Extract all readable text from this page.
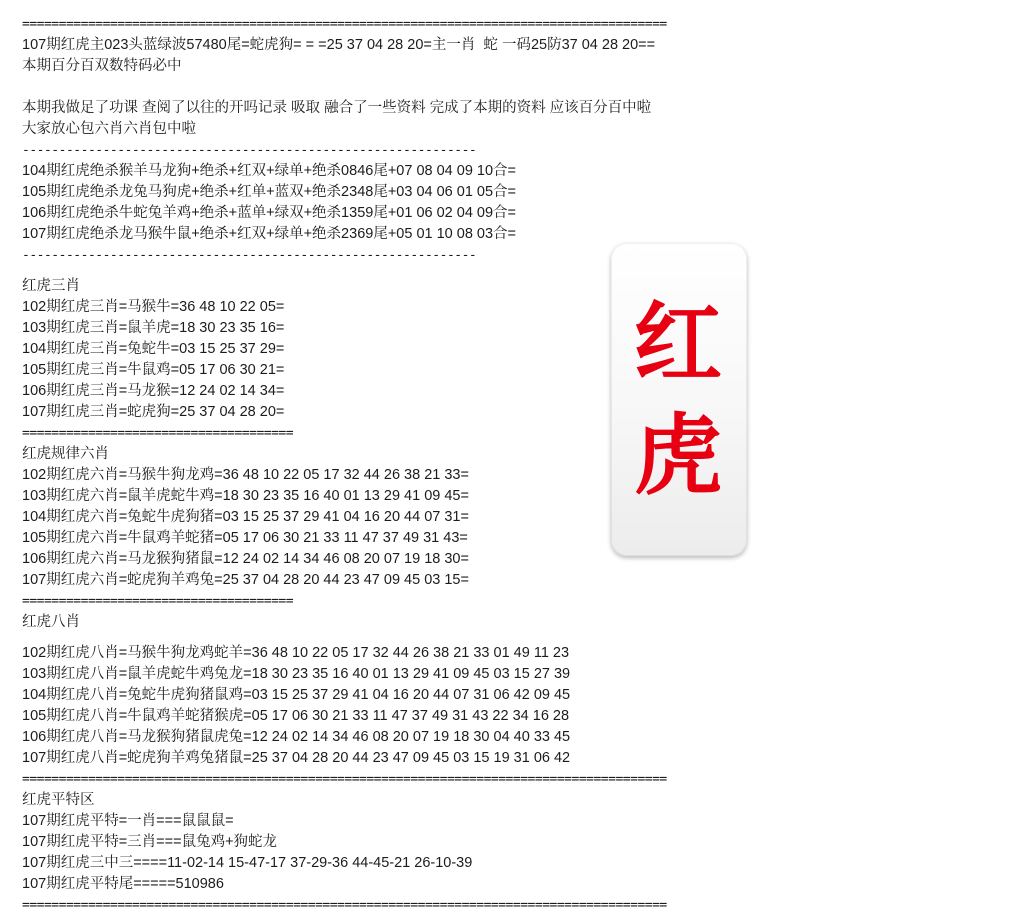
========================================================================================
107期红虎主023头蓝绿波57480尾=蛇虎狗= = =25 37 04 28 20=主一肖  蛇 一码25防37 04 28 20==
本期百分百双数特码必中
本期我做足了功课 查阅了以往的开吗记录 吸取 融合了一些资料 完成了本期的资料 应该百分百中啦
大家放心包六肖六肖包中啦
--------------------------------------------------------------
104期红虎绝杀猴羊马龙狗+绝杀+红双+绿单+绝杀0846尾+07 08 04 09 10合=
105期红虎绝杀龙兔马狗虎+绝杀+红单+蓝双+绝杀2348尾+03 04 06 01 05合=
106期红虎绝杀牛蛇兔羊鸡+绝杀+蓝单+绿双+绝杀1359尾+01 06 02 04 09合=
107期红虎绝杀龙马猴牛鼠+绝杀+红双+绿单+绝杀2369尾+05 01 10 08 03合=
--------------------------------------------------------------
红虎三肖
102期红虎三肖=马猴牛=36 48 10 22 05=
103期红虎三肖=鼠羊虎=18 30 23 35 16=
104期红虎三肖=兔蛇牛=03 15 25 37 29=
105期红虎三肖=牛鼠鸡=05 17 06 30 21=
106期红虎三肖=马龙猴=12 24 02 14 34=
107期红虎三肖=蛇虎狗=25 37 04 28 20=
=====================================
红虎规律六肖
102期红虎六肖=马猴牛狗龙鸡=36 48 10 22 05 17 32 44 26 38 21 33=
103期红虎六肖=鼠羊虎蛇牛鸡=18 30 23 35 16 40 01 13 29 41 09 45=
104期红虎六肖=兔蛇牛虎狗猪=03 15 25 37 29 41 04 16 20 44 07 31=
105期红虎六肖=牛鼠鸡羊蛇猪=05 17 06 30 21 33 11 47 37 49 31 43=
106期红虎六肖=马龙猴狗猪鼠=12 24 02 14 34 46 08 20 07 19 18 30=
107期红虎六肖=蛇虎狗羊鸡兔=25 37 04 28 20 44 23 47 09 45 03 15=
=====================================
红虎八肖
102期红虎八肖=马猴牛狗龙鸡蛇羊=36 48 10 22 05 17 32 44 26 38 21 33 01 49 11 23
103期红虎八肖=鼠羊虎蛇牛鸡兔龙=18 30 23 35 16 40 01 13 29 41 09 45 03 15 27 39
104期红虎八肖=兔蛇牛虎狗猪鼠鸡=03 15 25 37 29 41 04 16 20 44 07 31 06 42 09 45
105期红虎八肖=牛鼠鸡羊蛇猪猴虎=05 17 06 30 21 33 11 47 37 49 31 43 22 34 16 28
106期红虎八肖=马龙猴狗猪鼠虎兔=12 24 02 14 34 46 08 20 07 19 18 30 04 40 33 45
107期红虎八肖=蛇虎狗羊鸡兔猪鼠=25 37 04 28 20 44 23 47 09 45 03 15 19 31 06 42
========================================================================================
红虎平特区
107期红虎平特=一肖===鼠鼠鼠=
107期红虎平特=三肖===鼠兔鸡+狗蛇龙
107期红虎三中三====11-02-14 15-47-17 37-29-36 44-45-21 26-10-39
107期红虎平特尾=====510986
========================================================================================
红
虎
